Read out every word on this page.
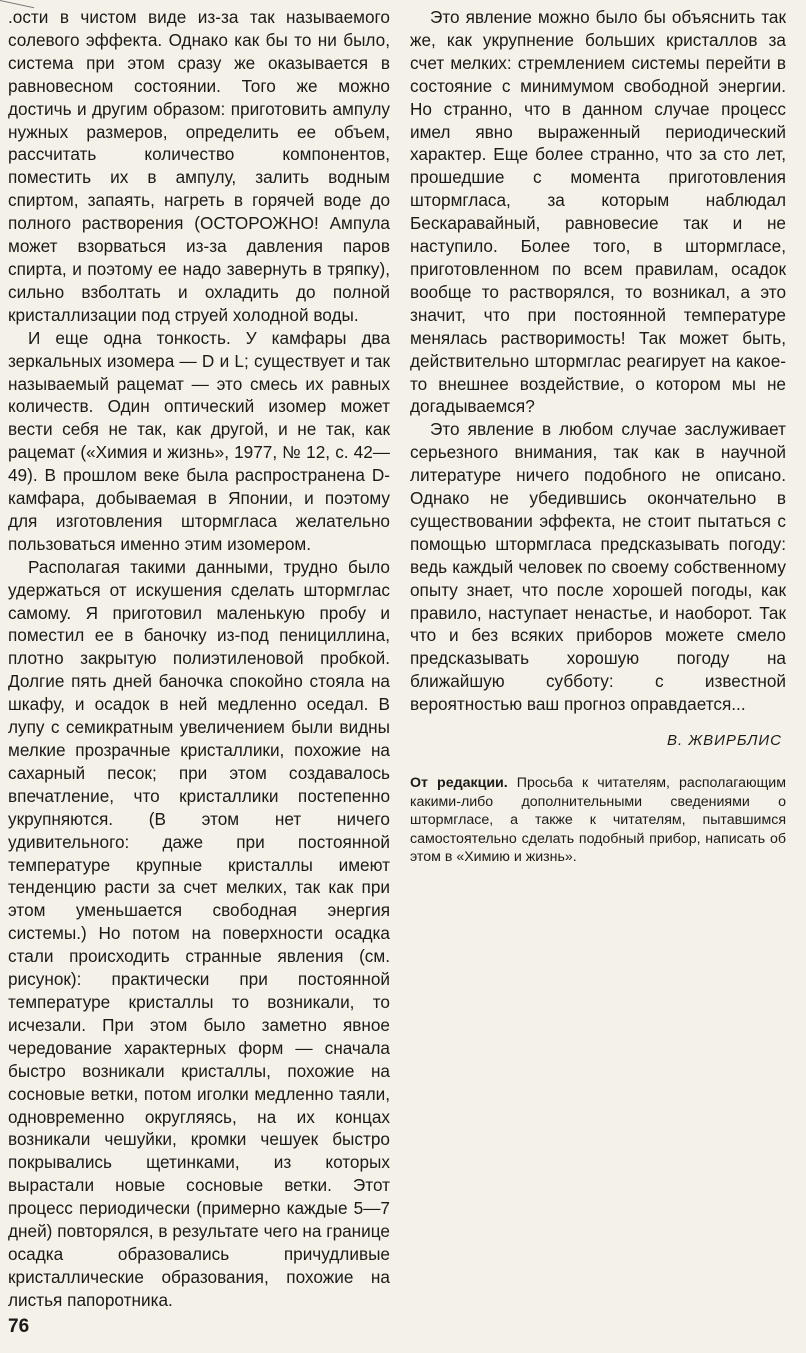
.ости в чистом виде из-за так называемого солевого эффекта. Однако как бы то ни было, система при этом сразу же оказывается в равновесном состоянии. Того же можно достичь и другим образом: приготовить ампулу нужных размеров, определить ее объем, рассчитать количество компонентов, поместить их в ампулу, залить водным спиртом, запаять, нагреть в горячей воде до полного растворения (ОСТОРОЖНО! Ампула может взорваться из-за давления паров спирта, и поэтому ее надо завернуть в тряпку), сильно взболтать и охладить до полной кристаллизации под струей холодной воды.

И еще одна тонкость. У камфары два зеркальных изомера — D и L; существует и так называемый рацемат — это смесь их равных количеств. Один оптический изомер может вести себя не так, как другой, и не так, как рацемат («Химия и жизнь», 1977, № 12, с. 42—49). В прошлом веке была распространена D-камфара, добываемая в Японии, и поэтому для изготовления штормгласа желательно пользоваться именно этим изомером.

Располагая такими данными, трудно было удержаться от искушения сделать штормглас самому. Я приготовил маленькую пробу и поместил ее в баночку из-под пенициллина, плотно закрытую полиэтиленовой пробкой. Долгие пять дней баночка спокойно стояла на шкафу, и осадок в ней медленно оседал. В лупу с семикратным увеличением были видны мелкие прозрачные кристаллики, похожие на сахарный песок; при этом создавалось впечатление, что кристаллики постепенно укрупняются. (В этом нет ничего удивительного: даже при постоянной температуре крупные кристаллы имеют тенденцию расти за счет мелких, так как при этом уменьшается свободная энергия системы.) Но потом на поверхности осадка стали происходить странные явления (см. рисунок): практически при постоянной температуре кристаллы то возникали, то исчезали. При этом было заметно явное чередование характерных форм — сначала быстро возникали кристаллы, похожие на сосновые ветки, потом иголки медленно таяли, одновременно округляясь, на их концах возникали чешуйки, кромки чешуек быстро покрывались щетинками, из которых вырастали новые сосновые ветки. Этот процесс периодически (примерно каждые 5—7 дней) повторялся, в результате чего на границе осадка образовались причудливые кристаллические образования, похожие на листья папоротника.

Это явление можно было бы объяснить так же, как укрупнение больших кристаллов за счет мелких: стремлением системы перейти в состояние с минимумом свободной энергии. Но странно, что в данном случае процесс имел явно выраженный периодический характер. Еще более странно, что за сто лет, прошедшие с момента приготовления штормгласа, за которым наблюдал Бескаравайный, равновесие так и не наступило. Более того, в штормгласе, приготовленном по всем правилам, осадок вообще то растворялся, то возникал, а это значит, что при постоянной температуре менялась растворимость! Так может быть, действительно штормглас реагирует на какое-то внешнее воздействие, о котором мы не догадываемся?

Это явление в любом случае заслуживает серьезного внимания, так как в научной литературе ничего подобного не описано. Однако не убедившись окончательно в существовании эффекта, не стоит пытаться с помощью штормгласа предсказывать погоду: ведь каждый человек по своему собственному опыту знает, что после хорошей погоды, как правило, наступает ненастье, и наоборот. Так что и без всяких приборов можете смело предсказывать хорошую погоду на ближайшую субботу: с известной вероятностью ваш прогноз оправдается...

В. ЖВИРБЛИС

От редакции. Просьба к читателям, располагающим какими-либо дополнительными сведениями о штормгласе, а также к читателям, пытавшимся самостоятельно сделать подобный прибор, написать об этом в «Химию и жизнь».

76
